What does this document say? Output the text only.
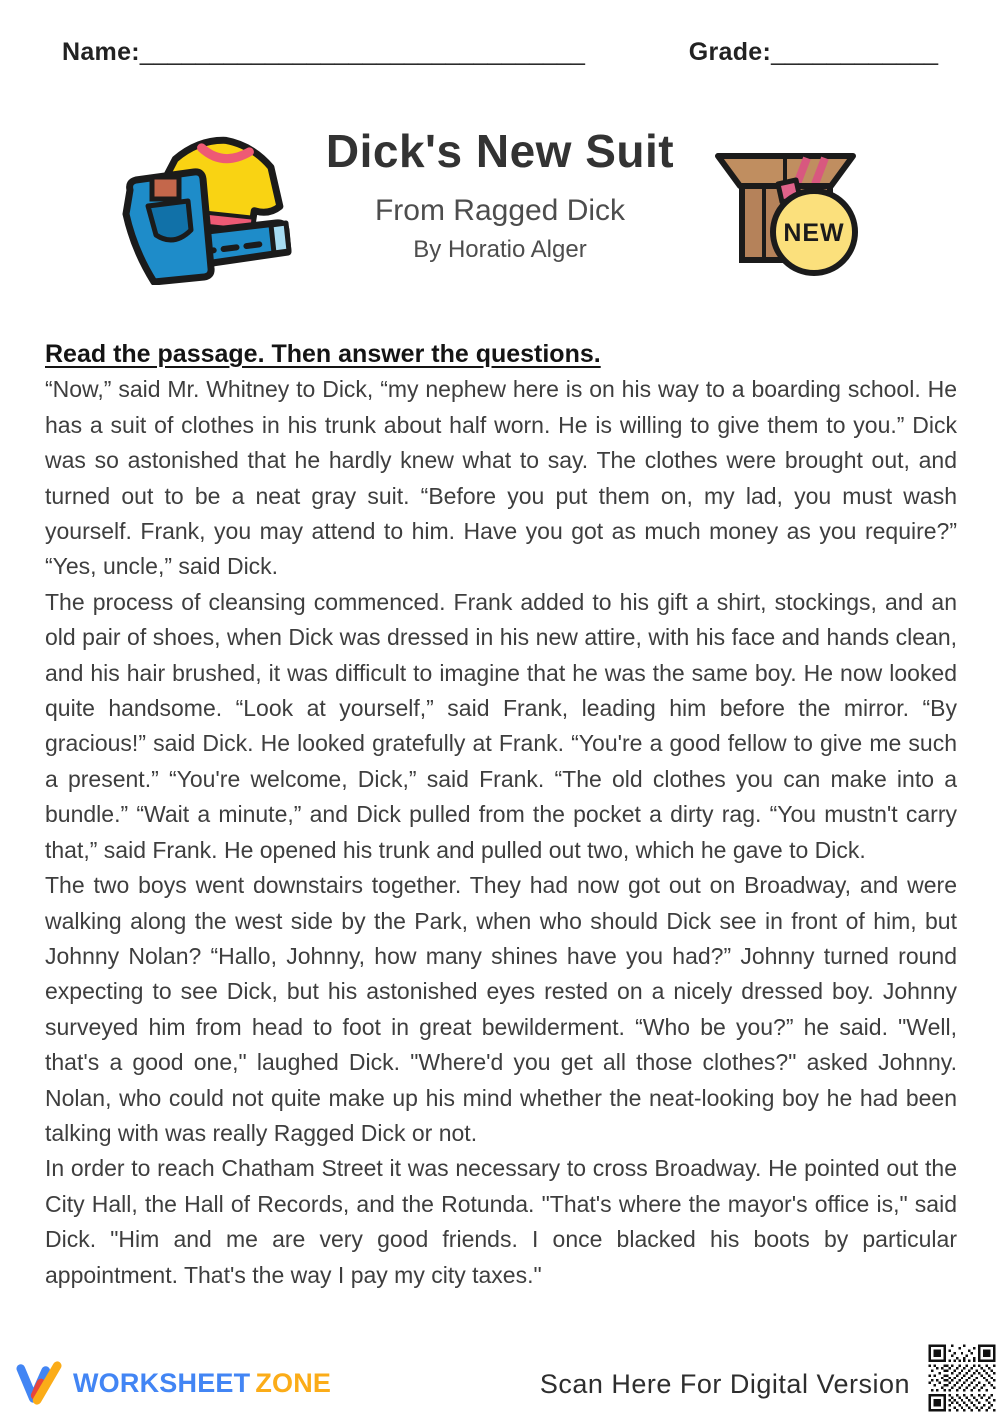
Name:________________________________	Grade:____________
Dick's New Suit
From Ragged Dick
By Horatio Alger
NEW
Read the passage. Then answer the questions.

“Now,” said Mr. Whitney to Dick, “my nephew here is on his way to a boarding school. He has a suit of clothes in his trunk about half worn. He is willing to give them to you.” Dick was so astonished that he hardly knew what to say. The clothes were brought out, and turned out to be a neat gray suit. “Before you put them on, my lad, you must wash yourself. Frank, you may attend to him. Have you got as much money as you require?” “Yes, uncle,” said Dick.

The process of cleansing commenced. Frank added to his gift a shirt, stockings, and an old pair of shoes, when Dick was dressed in his new attire, with his face and hands clean, and his hair brushed, it was difficult to imagine that he was the same boy. He now looked quite handsome. “Look at yourself,” said Frank, leading him before the mirror. “By gracious!” said Dick. He looked gratefully at Frank. “You're a good fellow to give me such a present.” “You're welcome, Dick,” said Frank. “The old clothes you can make into a bundle.” “Wait a minute,” and Dick pulled from the pocket a dirty rag. “You mustn't carry that,” said Frank. He opened his trunk and pulled out two, which he gave to Dick.

The two boys went downstairs together. They had now got out on Broadway, and were walking along the west side by the Park, when who should Dick see in front of him, but Johnny Nolan? “Hallo, Johnny, how many shines have you had?” Johnny turned round expecting to see Dick, but his astonished eyes rested on a nicely dressed boy. Johnny surveyed him from head to foot in great bewilderment. “Who be you?” he said. "Well, that's a good one," laughed Dick. "Where'd you get all those clothes?" asked Johnny. Nolan, who could not quite make up his mind whether the neat-looking boy he had been talking with was really Ragged Dick or not.

In order to reach Chatham Street it was necessary to cross Broadway. He pointed out the City Hall, the Hall of Records, and the Rotunda. "That's where the mayor's office is," said Dick. "Him and me are very good friends. I once blacked his boots by particular appointment. That's the way I pay my city taxes."

WORKSHEET ZONE	Scan Here For Digital Version
